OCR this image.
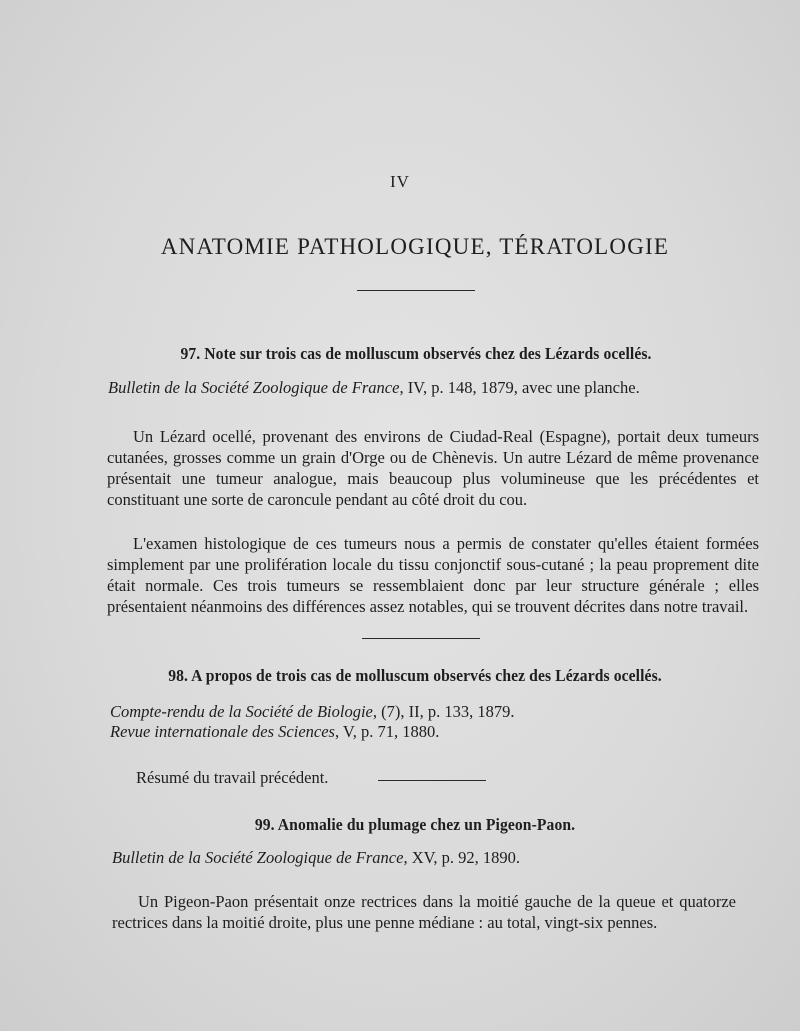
IV
ANATOMIE PATHOLOGIQUE, TÉRATOLOGIE
97. Note sur trois cas de molluscum observés chez des Lézards ocellés.
Bulletin de la Société Zoologique de France, IV, p. 148, 1879, avec une planche.

Un Lézard ocellé, provenant des environs de Ciudad-Real (Espagne), portait deux tumeurs cutanées, grosses comme un grain d'Orge ou de Chènevis. Un autre Lézard de même provenance présentait une tumeur analogue, mais beaucoup plus volumineuse que les précédentes et constituant une sorte de caroncule pendant au côté droit du cou.

L'examen histologique de ces tumeurs nous a permis de constater qu'elles étaient formées simplement par une prolifération locale du tissu conjonctif sous-cutané ; la peau proprement dite était normale. Ces trois tumeurs se ressemblaient donc par leur structure générale ; elles présentaient néanmoins des différences assez notables, qui se trouvent décrites dans notre travail.

98. A propos de trois cas de molluscum observés chez des Lézards ocellés.
Compte-rendu de la Société de Biologie, (7), II, p. 133, 1879.
Revue internationale des Sciences, V, p. 71, 1880.

Résumé du travail précédent.

99. Anomalie du plumage chez un Pigeon-Paon.
Bulletin de la Société Zoologique de France, XV, p. 92, 1890.

Un Pigeon-Paon présentait onze rectrices dans la moitié gauche de la queue et quatorze rectrices dans la moitié droite, plus une penne médiane : au total, vingt-six pennes.
